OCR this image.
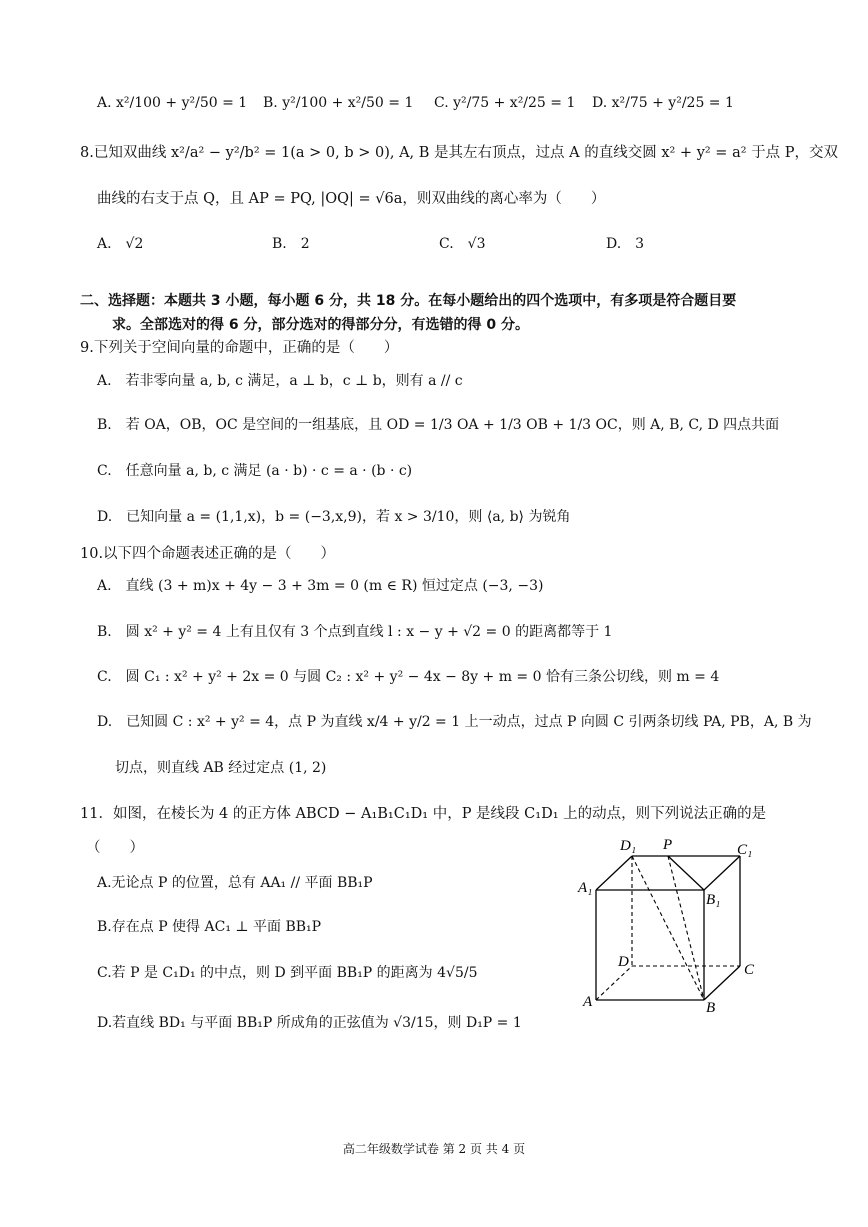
A. x²/100 + y²/50 = 1 B. y²/100 + x²/50 = 1 C. y²/75 + x²/25 = 1 D. x²/75 + y²/25 = 1
8.已知双曲线 x²/a² − y²/b² = 1(a > 0, b > 0), A, B 是其左右顶点，过点 A 的直线交圆 x² + y² = a² 于点 P，交双
曲线的右支于点 Q，且 AP = PQ, |OQ| = √6a，则双曲线的离心率为（　　）
A.　√2	B.　2	C.　√3	D.　3
二、选择题：本题共 3 小题，每小题 6 分，共 18 分。在每小题给出的四个选项中，有多项是符合题目要
求。全部选对的得 6 分，部分选对的得部分分，有选错的得 0 分。
9.下列关于空间向量的命题中，正确的是（　　）
A.　若非零向量 a, b, c 满足，a ⊥ b，c ⊥ b，则有 a // c
B.　若 OA，OB，OC 是空间的一组基底，且 OD = 1/3 OA + 1/3 OB + 1/3 OC，则 A, B, C, D 四点共面
C.　任意向量 a, b, c 满足 (a · b) · c = a · (b · c)
D.　已知向量 a = (1,1,x)，b = (−3,x,9)，若 x > 3/10，则 ⟨a, b⟩ 为锐角
10.以下四个命题表述正确的是（　　）
A.　直线 (3 + m)x + 4y − 3 + 3m = 0 (m ∈ R) 恒过定点 (−3, −3)
B.　圆 x² + y² = 4 上有且仅有 3 个点到直线 l : x − y + √2 = 0 的距离都等于 1
C.　圆 C₁ : x² + y² + 2x = 0 与圆 C₂ : x² + y² − 4x − 8y + m = 0 恰有三条公切线，则 m = 4
D.　已知圆 C : x² + y² = 4，点 P 为直线 x/4 + y/2 = 1 上一动点，过点 P 向圆 C 引两条切线 PA, PB，A, B 为
切点，则直线 AB 经过定点 (1, 2)
11．如图，在棱长为 4 的正方体 ABCD − A₁B₁C₁D₁ 中，P 是线段 C₁D₁ 上的动点，则下列说法正确的是
（　　）
A.无论点 P 的位置，总有 AA₁ // 平面 BB₁P
B.存在点 P 使得 AC₁ ⊥ 平面 BB₁P
C.若 P 是 C₁D₁ 的中点，则 D 到平面 BB₁P 的距离为 4√5/5
D.若直线 BD₁ 与平面 BB₁P 所成角的正弦值为 √3/15，则 D₁P = 1
D₁ P	C₁
A₁
B₁
D	C
A	B
高二年级数学试卷 第 2 页 共 4 页
